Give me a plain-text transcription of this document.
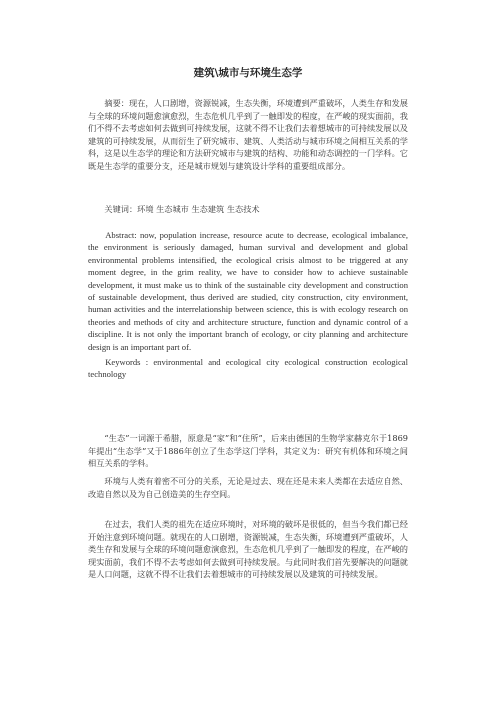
建筑\城市与环境生态学

摘要：现在，人口剧增，资源锐减，生态失衡，环境遭到严重破坏，人类生存和发展与全球的环境问题愈演愈烈，生态危机几乎到了一触即发的程度，在严峻的现实面前，我们不得不去考虑如何去做到可持续发展，这就不得不让我们去着想城市的可持续发展以及建筑的可持续发展，从而衍生了研究城市、建筑、人类活动与城市环境之间相互关系的学科，这是以生态学的理论和方法研究城市与建筑的结构、功能和动态调控的一门学科。它既是生态学的重要分支，还是城市规划与建筑设计学科的重要组成部分。

关键词：环境 生态城市 生态建筑 生态技术

Abstract: now, population increase, resource acute to decrease, ecological imbalance, the environment is seriously damaged, human survival and development and global environmental problems intensified, the ecological crisis almost to be triggered at any moment degree, in the grim reality, we have to consider how to achieve sustainable development, it must make us to think of the sustainable city development and construction of sustainable development, thus derived are studied, city construction, city environment, human activities and the interrelationship between science, this is with ecology research on theories and methods of city and architecture structure, function and dynamic control of a discipline. It is not only the important branch of ecology, or city planning and architecture design is an important part of.

Keywords : environmental and ecological city ecological construction ecological technology

“生态”一词源于希腊，原意是“家”和“住所”，后来由德国的生物学家赫克尔于1869年提出“生态学”又于1886年创立了生态学这门学科，其定义为：研究有机体和环境之间相互关系的学科。

环境与人类有着密不可分的关系，无论是过去、现在还是未来人类都在去适应自然、改造自然以及为自己创造美的生存空间。

在过去，我们人类的祖先在适应环境时，对环境的破坏是很低的，但当今我们都已经开始注意到环境问题。就现在的人口剧增，资源锐减，生态失衡，环境遭到严重破坏，人类生存和发展与全球的环境问题愈演愈烈，生态危机几乎到了一触即发的程度，在严峻的现实面前，我们不得不去考虑如何去做到可持续发展。与此同时我们首先要解决的问题就是人口问题，这就不得不让我们去着想城市的可持续发展以及建筑的可持续发展。
